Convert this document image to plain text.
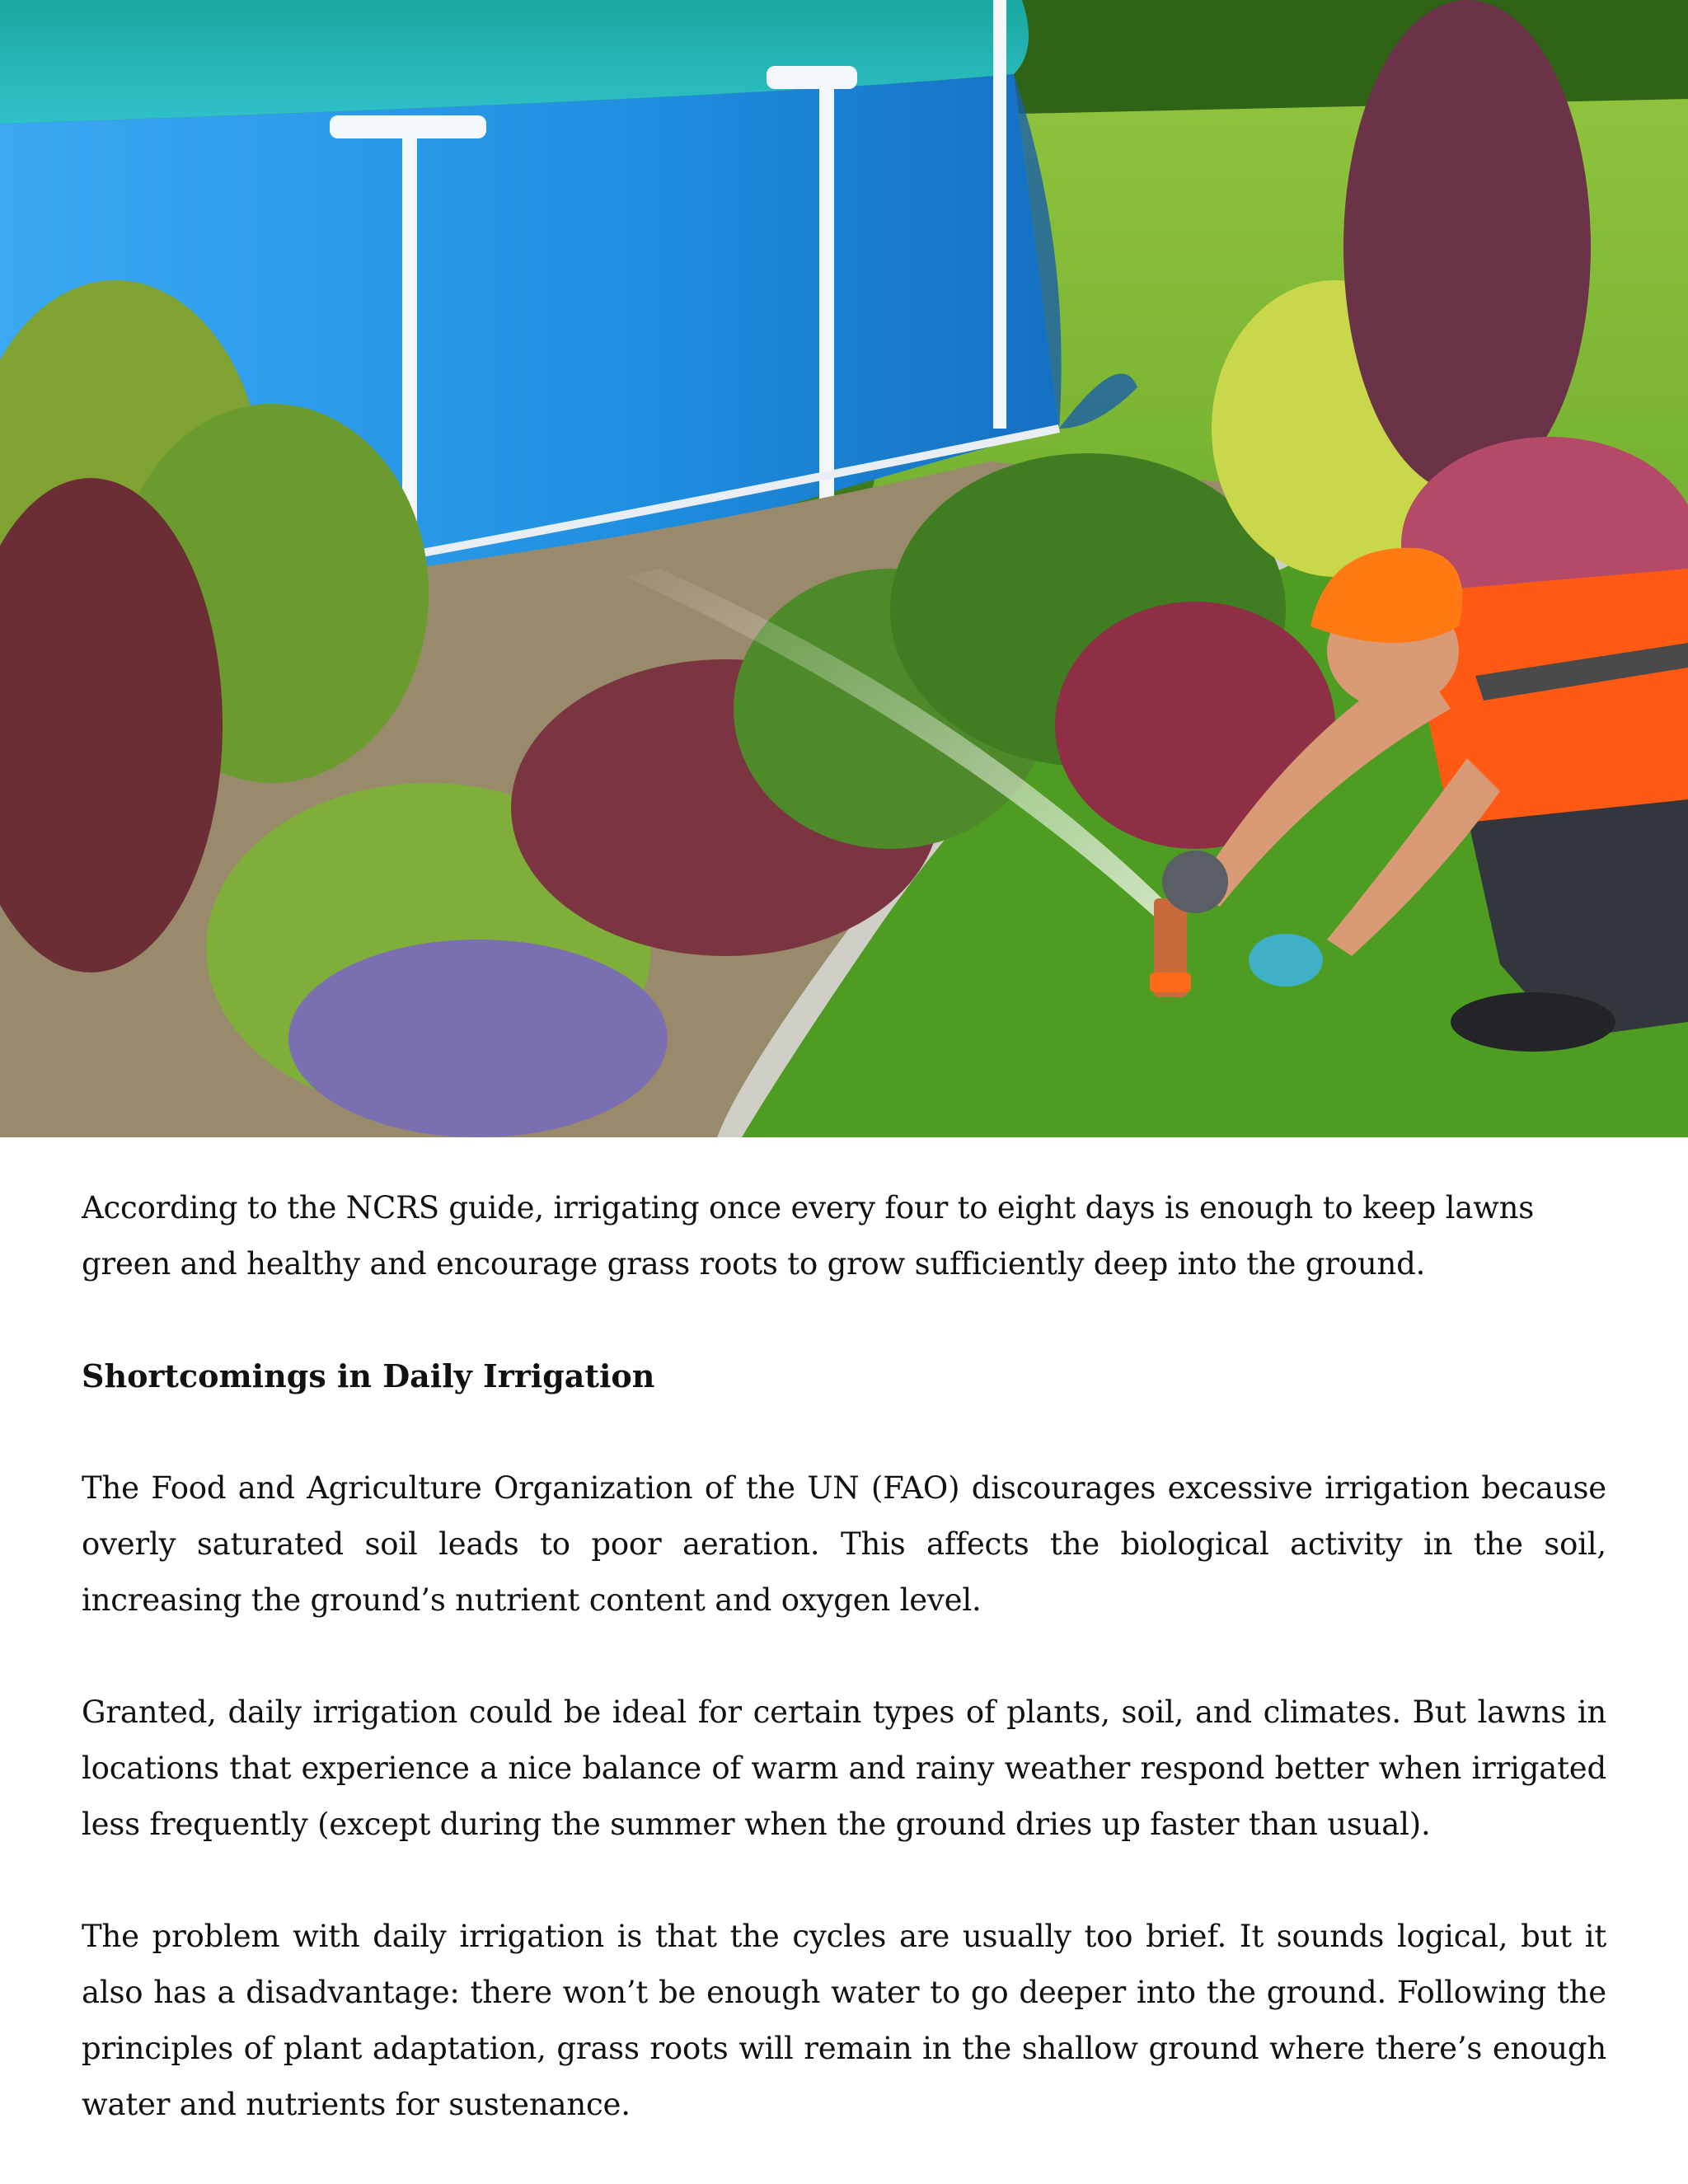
According to the NCRS guide, irrigating once every four to eight days is enough to keep lawns green and healthy and encourage grass roots to grow sufficiently deep into the ground.

Shortcomings in Daily Irrigation

The Food and Agriculture Organization of the UN (FAO) discourages excessive irrigation because overly saturated soil leads to poor aeration. This affects the biological activity in the soil, increasing the ground’s nutrient content and oxygen level.

Granted, daily irrigation could be ideal for certain types of plants, soil, and climates. But lawns in locations that experience a nice balance of warm and rainy weather respond better when irrigated less frequently (except during the summer when the ground dries up faster than usual).

The problem with daily irrigation is that the cycles are usually too brief. It sounds logical, but it also has a disadvantage: there won’t be enough water to go deeper into the ground. Following the principles of plant adaptation, grass roots will remain in the shallow ground where there’s enough water and nutrients for sustenance.
